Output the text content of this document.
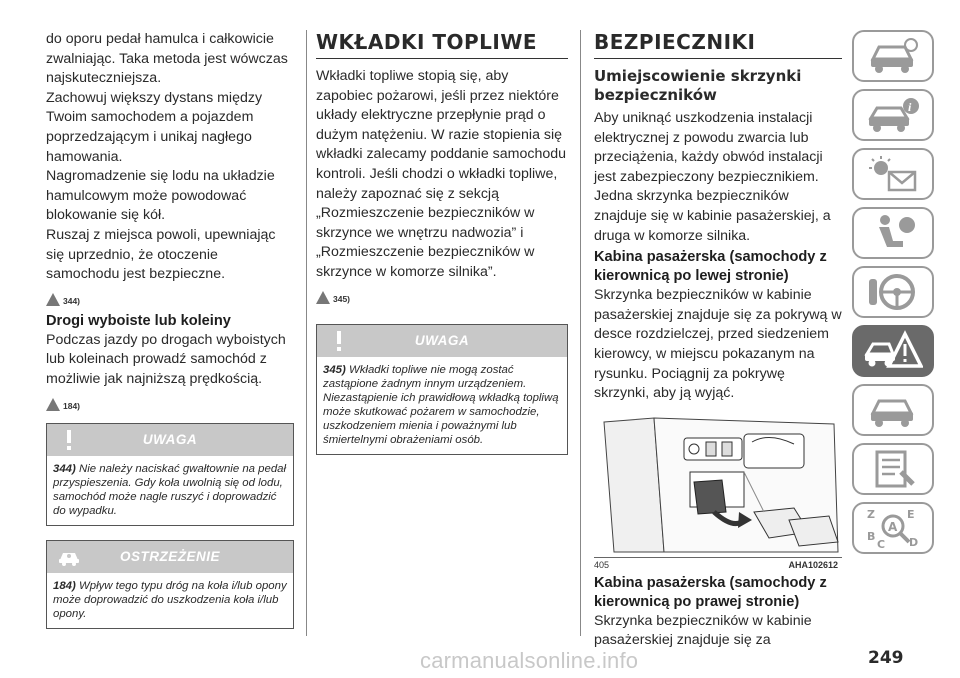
do oporu pedał hamulca i całkowicie zwalniając. Taka metoda jest wówczas najskuteczniejsza.

Zachowuj większy dystans między Twoim samochodem a pojazdem poprzedzającym i unikaj nagłego hamowania.

Nagromadzenie się lodu na układzie hamulcowym może powodować blokowanie się kół.

Ruszaj z miejsca powoli, upewniając się uprzednio, że otoczenie samochodu jest bezpieczne.

344)
Drogi wyboiste lub koleiny

Podczas jazdy po drogach wyboistych lub koleinach prowadź samochód z możliwie jak najniższą prędkością.

184)
UWAGA
344) Nie należy naciskać gwałtownie na pedał przyspieszenia. Gdy koła uwolnią się od lodu, samochód może nagle ruszyć i doprowadzić do wypadku.
OSTRZEŻENIE
184) Wpływ tego typu dróg na koła i/lub opony może doprowadzić do uszkodzenia koła i/lub opony.
WKŁADKI TOPLIWE

Wkładki topliwe stopią się, aby zapobiec pożarowi, jeśli przez niektóre układy elektryczne przepłynie prąd o dużym natężeniu. W razie stopienia się wkładki zalecamy poddanie samochodu kontroli. Jeśli chodzi o wkładki topliwe, należy zapoznać się z sekcją „Rozmieszczenie bezpieczników w skrzynce we wnętrzu nadwozia” i „Rozmieszczenie bezpieczników w skrzynce w komorze silnika”.

345)
UWAGA
345) Wkładki topliwe nie mogą zostać zastąpione żadnym innym urządzeniem. Niezastąpienie ich prawidłową wkładką topliwą może skutkować pożarem w samochodzie, uszkodzeniem mienia i poważnymi lub śmiertelnymi obrażeniami osób.
BEZPIECZNIKI
Umiejscowienie skrzynki bezpieczników

Aby uniknąć uszkodzenia instalacji elektrycznej z powodu zwarcia lub przeciążenia, każdy obwód instalacji jest zabezpieczony bezpiecznikiem. Jedna skrzynka bezpieczników znajduje się w kabinie pasażerskiej, a druga w komorze silnika.

Kabina pasażerska (samochody z kierownicą po lewej stronie)

Skrzynka bezpieczników w kabinie pasażerskiej znajduje się za pokrywą w desce rozdzielczej, przed siedzeniem kierowcy, w miejscu pokazanym na rysunku. Pociągnij za pokrywę skrzynki, aby ją wyjąć.

405	AHA102612
Kabina pasażerska (samochody z kierownicą po prawej stronie)

Skrzynka bezpieczników w kabinie pasażerskiej znajduje się za

i
Z	E
B
C D
A
carmanualsonline.info	249
